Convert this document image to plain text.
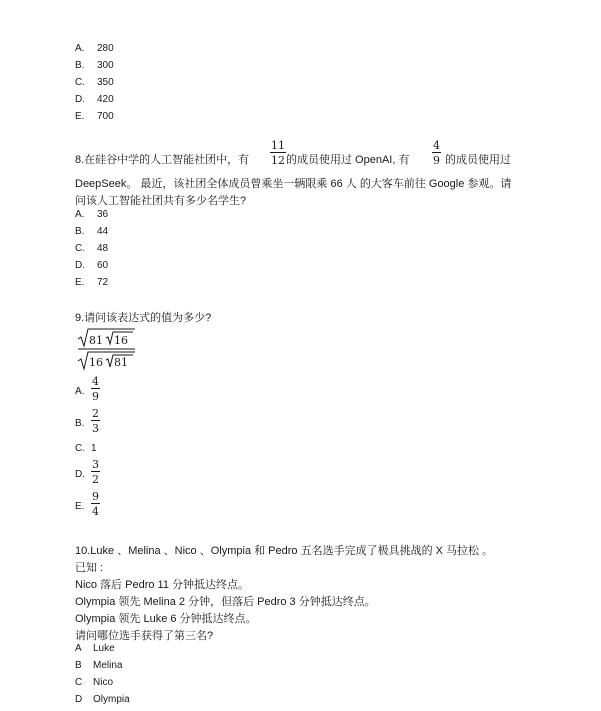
A. 280
B. 300
C. 350
D. 420
E. 700
8.在硅谷中学的人工智能社团中，有 $\frac{11}{12}$ 的成员使用过 OpenAI, 有 $\frac{4}{9}$ 的成员使用过
DeepSeek。 最近，该社团全体成员曾乘坐一辆限乘 66 人 的大客车前往 Google 参观。请
问该人工智能社团共有多少名学生?
A. 36
B. 44
C. 48
D. 60
E. 72
9.请问该表达式的值为多少?
81 16
16 81
A. $\frac{4}{9}$
B. $\frac{2}{3}$
C. 1
D. $\frac{3}{2}$
E. $\frac{9}{4}$
10.Luke 、Melina 、Nico 、Olympia 和 Pedro 五名选手完成了极具挑战的 X 马拉松 。
已知 :
Nico 落后 Pedro 11 分钟抵达终点。
Olympia 领先 Melina 2 分钟，但落后 Pedro 3 分钟抵达终点。
Olympia 领先 Luke 6 分钟抵达终点。
请问哪位选手获得了第三名?
A Luke
B Melina
C Nico
D Olympia
